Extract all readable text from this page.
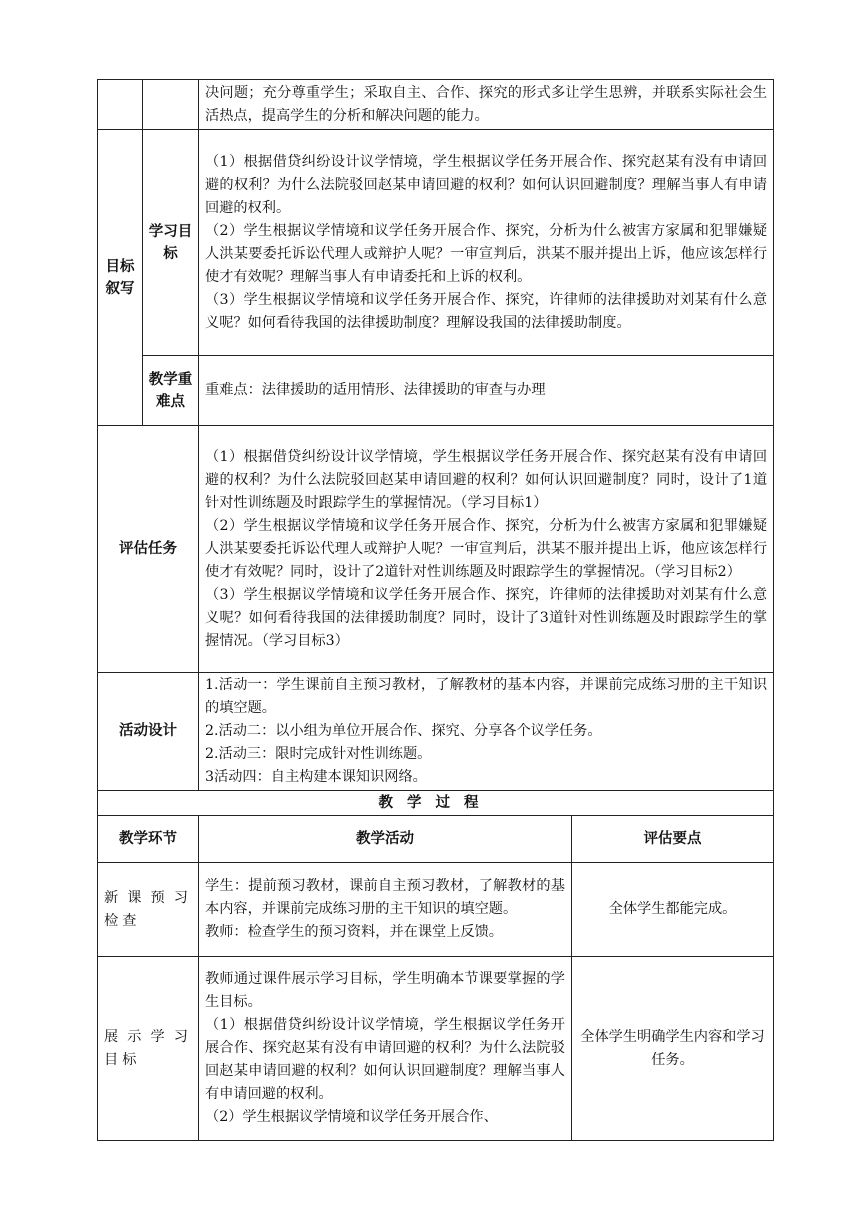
		决问题；充分尊重学生；采取自主、合作、探究的形式多让学生思辨，并联系实际社会生活热点，提高学生的分析和解决问题的能力。	
目标叙写	学习目标	（1）根据借贷纠纷设计议学情境，学生根据议学任务开展合作、探究赵某有没有申请回避的权利？为什么法院驳回赵某申请回避的权利？如何认识回避制度？理解当事人有申请回避的权利。
（2）学生根据议学情境和议学任务开展合作、探究，分析为什么被害方家属和犯罪嫌疑人洪某要委托诉讼代理人或辩护人呢？一审宣判后，洪某不服并提出上诉，他应该怎样行使才有效呢？理解当事人有申请委托和上诉的权利。
（3）学生根据议学情境和议学任务开展合作、探究，许律师的法律援助对刘某有什么意义呢？如何看待我国的法律援助制度？理解设我国的法律援助制度。	

	教学重难点	重难点：法律援助的适用情形、法律援助的审查与办理	
评估任务		（1）根据借贷纠纷设计议学情境，学生根据议学任务开展合作、探究赵某有没有申请回避的权利？为什么法院驳回赵某申请回避的权利？如何认识回避制度？同时，设计了1道针对性训练题及时跟踪学生的掌握情况。（学习目标1）
（2）学生根据议学情境和议学任务开展合作、探究，分析为什么被害方家属和犯罪嫌疑人洪某要委托诉讼代理人或辩护人呢？一审宣判后，洪某不服并提出上诉，他应该怎样行使才有效呢？同时，设计了2道针对性训练题及时跟踪学生的掌握情况。（学习目标2）
（3）学生根据议学情境和议学任务开展合作、探究，许律师的法律援助对刘某有什么意义呢？如何看待我国的法律援助制度？同时，设计了3道针对性训练题及时跟踪学生的掌握情况。（学习目标3）	

活动设计		1.活动一：学生课前自主预习教材，了解教材的基本内容，并课前完成练习册的主干知识的填空题。
2.活动二：以小组为单位开展合作、探究、分享各个议学任务。
2.活动三：限时完成针对性训练题。
3活动四：自主构建本课知识网络。	

教学过程			
教学环节		教学活动	评估要点
新课预习检查		学生：提前预习教材，课前自主预习教材，了解教材的基本内容，并课前完成练习册的主干知识的填空题。
教师：检查学生的预习资料，并在课堂上反馈。	全体学生都能完成。
展示学习目标		教师通过课件展示学习目标，学生明确本节课要掌握的学生目标。
（1）根据借贷纠纷设计议学情境，学生根据议学任务开展合作、探究赵某有没有申请回避的权利？为什么法院驳回赵某申请回避的权利？如何认识回避制度？理解当事人有申请回避的权利。
（2）学生根据议学情境和议学任务开展合作、	全体学生明确学生内容和学习任务。
